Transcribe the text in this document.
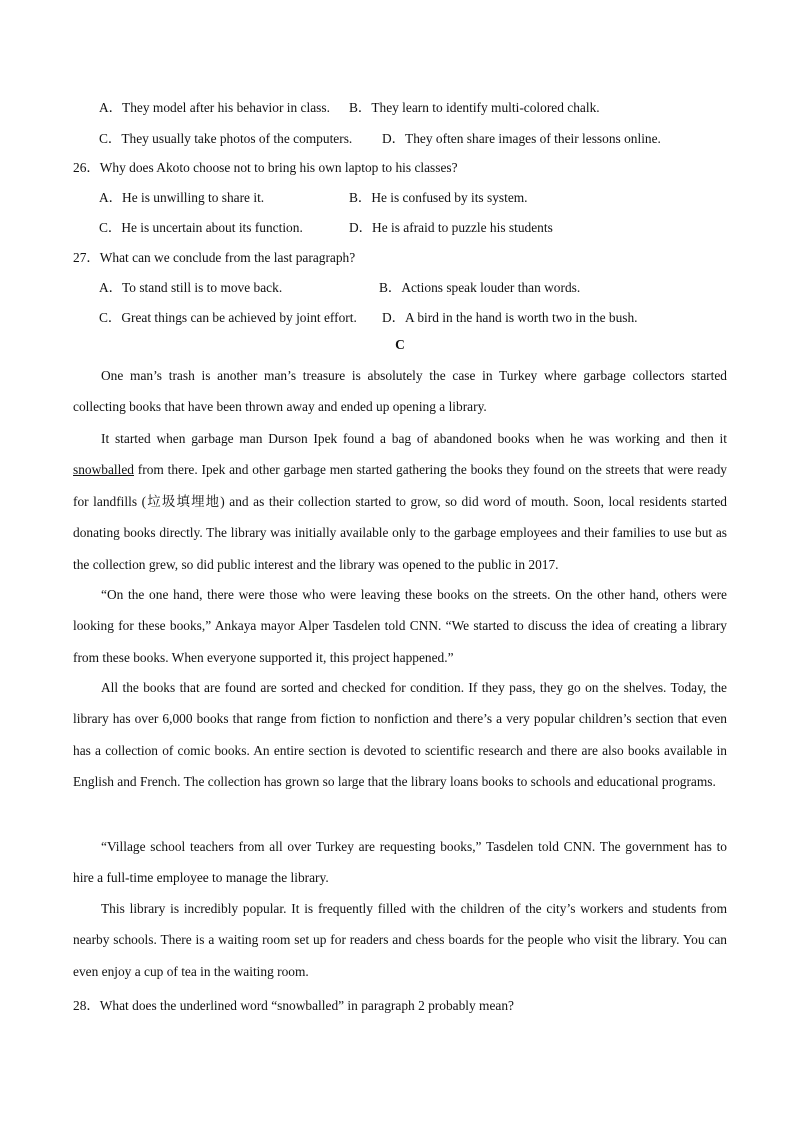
A．They model after his behavior in class. B．They learn to identify multi-colored chalk.
C．They usually take photos of the computers. D．They often share images of their lessons online.
26．Why does Akoto choose not to bring his own laptop to his classes?
A．He is unwilling to share it.	B．He is confused by its system.
C．He is uncertain about its function.	D．He is afraid to puzzle his students
27．What can we conclude from the last paragraph?
A．To stand still is to move back.	B．Actions speak louder than words.
C．Great things can be achieved by joint effort. D．A bird in the hand is worth two in the bush.
C
One man’s trash is another man’s treasure is absolutely the case in Turkey where garbage collectors started collecting books that have been thrown away and ended up opening a library.
It started when garbage man Durson Ipek found a bag of abandoned books when he was working and then it snowballed from there. Ipek and other garbage men started gathering the books they found on the streets that were ready for landfills (垃圾填埋地) and as their collection started to grow, so did word of mouth. Soon, local residents started donating books directly. The library was initially available only to the garbage employees and their families to use but as the collection grew, so did public interest and the library was opened to the public in 2017.
“On the one hand, there were those who were leaving these books on the streets. On the other hand, others were looking for these books,” Ankaya mayor Alper Tasdelen told CNN. “We started to discuss the idea of creating a library from these books. When everyone supported it, this project happened.”
All the books that are found are sorted and checked for condition. If they pass, they go on the shelves. Today, the library has over 6,000 books that range from fiction to nonfiction and there’s a very popular children’s section that even has a collection of comic books. An entire section is devoted to scientific research and there are also books available in English and French. The collection has grown so large that the library loans books to schools and educational programs.
“Village school teachers from all over Turkey are requesting books,” Tasdelen told CNN. The government has to hire a full-time employee to manage the library.
This library is incredibly popular. It is frequently filled with the children of the city’s workers and students from nearby schools. There is a waiting room set up for readers and chess boards for the people who visit the library. You can even enjoy a cup of tea in the waiting room.
28．What does the underlined word “snowballed” in paragraph 2 probably mean?
